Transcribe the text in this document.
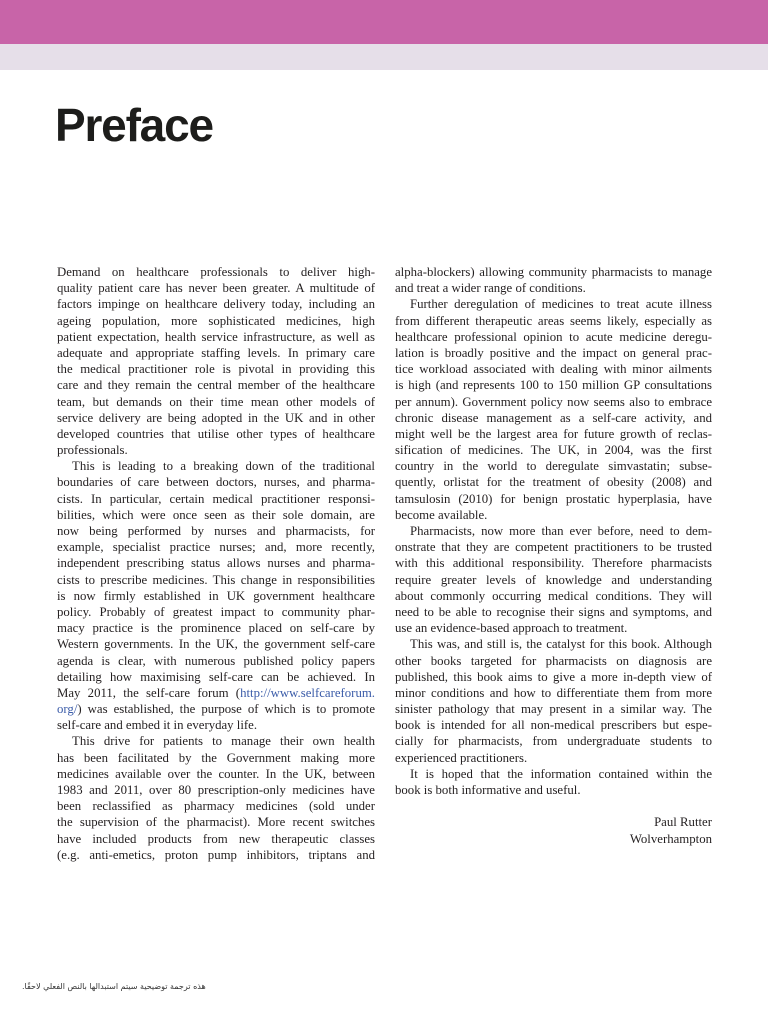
Preface
Demand on healthcare professionals to deliver high-
quality patient care has never been greater. A multitude of
factors impinge on healthcare delivery today, including an
ageing population, more sophisticated medicines, high
patient expectation, health service infrastructure, as well as
adequate and appropriate staffing levels. In primary care
the medical practitioner role is pivotal in providing this
care and they remain the central member of the healthcare
team, but demands on their time mean other models of
service delivery are being adopted in the UK and in other
developed countries that utilise other types of healthcare
professionals.
This is leading to a breaking down of the traditional
boundaries of care between doctors, nurses, and pharma-
cists. In particular, certain medical practitioner responsi-
bilities, which were once seen as their sole domain, are
now being performed by nurses and pharmacists, for
example, specialist practice nurses; and, more recently,
independent prescribing status allows nurses and pharma-
cists to prescribe medicines. This change in responsibilities
is now firmly established in UK government healthcare
policy. Probably of greatest impact to community phar-
macy practice is the prominence placed on self-care by
Western governments. In the UK, the government self-care
agenda is clear, with numerous published policy papers
detailing how maximising self-care can be achieved. In
May 2011, the self-care forum (http://www.selfcareforum.
org/) was established, the purpose of which is to promote
self-care and embed it in everyday life.
This drive for patients to manage their own health
has been facilitated by the Government making more
medicines available over the counter. In the UK, between
1983 and 2011, over 80 prescription-only medicines have
been reclassified as pharmacy medicines (sold under
the supervision of the pharmacist). More recent switches
have included products from new therapeutic classes
(e.g. anti-emetics, proton pump inhibitors, triptans and
alpha-blockers) allowing community pharmacists to manage
and treat a wider range of conditions.
Further deregulation of medicines to treat acute illness
from different therapeutic areas seems likely, especially as
healthcare professional opinion to acute medicine deregu-
lation is broadly positive and the impact on general prac-
tice workload associated with dealing with minor ailments
is high (and represents 100 to 150 million GP consultations
per annum). Government policy now seems also to embrace
chronic disease management as a self-care activity, and
might well be the largest area for future growth of reclas-
sification of medicines. The UK, in 2004, was the first
country in the world to deregulate simvastatin; subse-
quently, orlistat for the treatment of obesity (2008) and
tamsulosin (2010) for benign prostatic hyperplasia, have
become available.
Pharmacists, now more than ever before, need to dem-
onstrate that they are competent practitioners to be trusted
with this additional responsibility. Therefore pharmacists
require greater levels of knowledge and understanding
about commonly occurring medical conditions. They will
need to be able to recognise their signs and symptoms, and
use an evidence-based approach to treatment.
This was, and still is, the catalyst for this book. Although
other books targeted for pharmacists on diagnosis are
published, this book aims to give a more in-depth view of
minor conditions and how to differentiate them from more
sinister pathology that may present in a similar way. The
book is intended for all non-medical prescribers but espe-
cially for pharmacists, from undergraduate students to
experienced practitioners.
It is hoped that the information contained within the
book is both informative and useful.
Paul Rutter
Wolverhampton
هذه ترجمة توضيحية سيتم استبدالها بالنص الفعلي لاحقًا.
